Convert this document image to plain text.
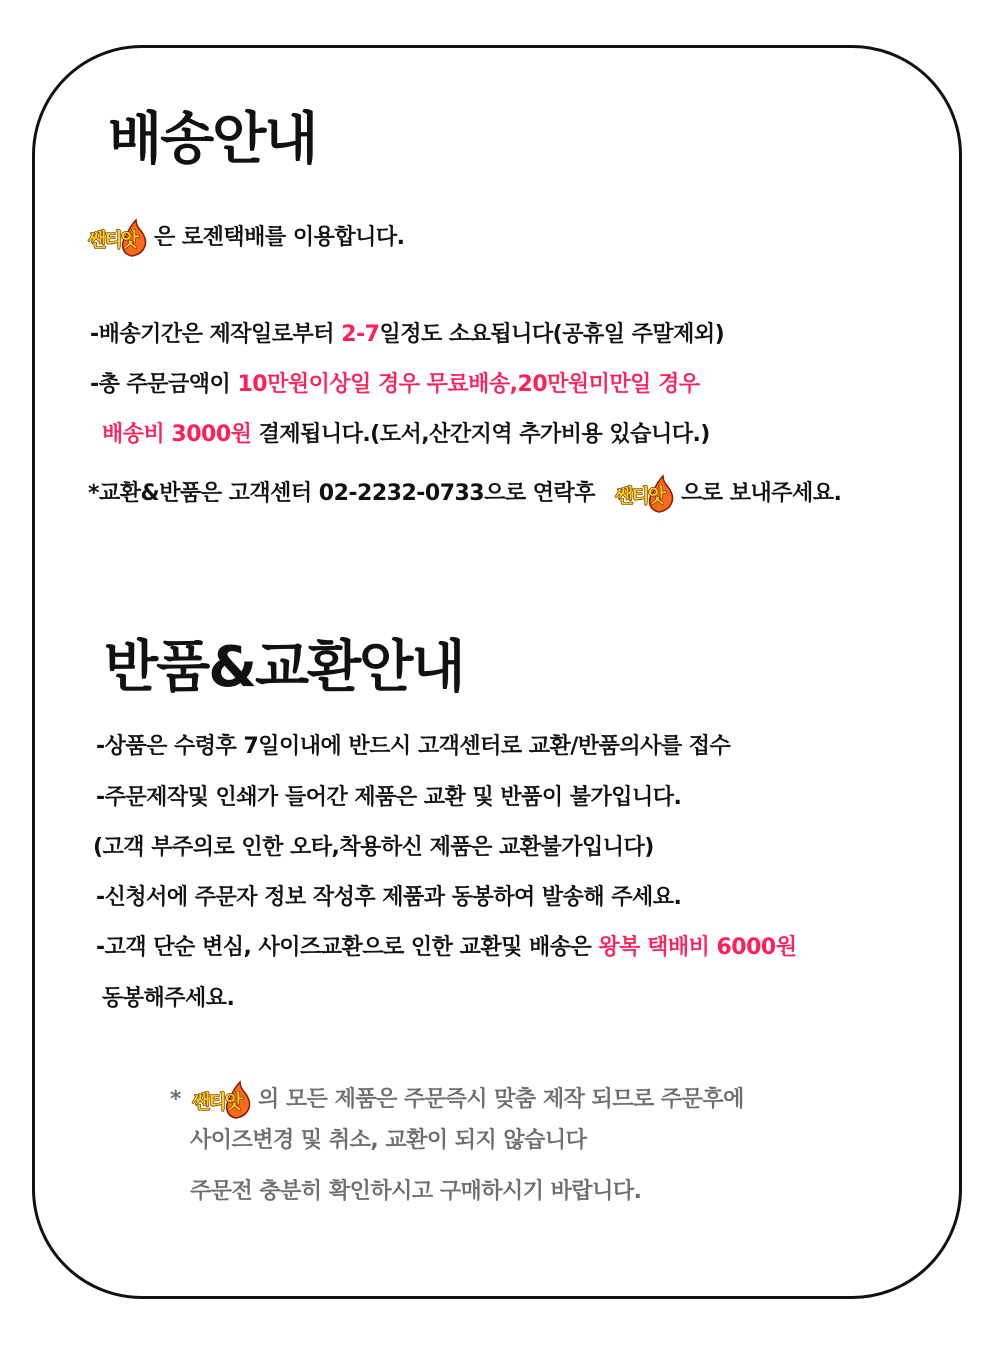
배송안내
쌘티앗 은 로젠택배를 이용합니다.
-배송기간은 제작일로부터 2-7일정도 소요됩니다(공휴일 주말제외)
-총 주문금액이 10만원이상일 경우 무료배송,20만원미만일 경우
배송비 3000원 결제됩니다.(도서,산간지역 추가비용 있습니다.)
*교환&반품은 고객센터 02-2232-0733으로 연락후 쌘티앗 으로 보내주세요.
반품&교환안내
-상품은 수령후 7일이내에 반드시 고객센터로 교환/반품의사를 접수
-주문제작및 인쇄가 들어간 제품은 교환 및 반품이 불가입니다.
(고객 부주의로 인한 오타,착용하신 제품은 교환불가입니다)
-신청서에 주문자 정보 작성후 제품과 동봉하여 발송해 주세요.
-고객 단순 변심, 사이즈교환으로 인한 교환및 배송은 왕복 택배비 6000원
동봉해주세요.
* 쌘티앗 의 모든 제품은 주문즉시 맞춤 제작 되므로 주문후에
사이즈변경 및 취소, 교환이 되지 않습니다
주문전 충분히 확인하시고 구매하시기 바랍니다.
